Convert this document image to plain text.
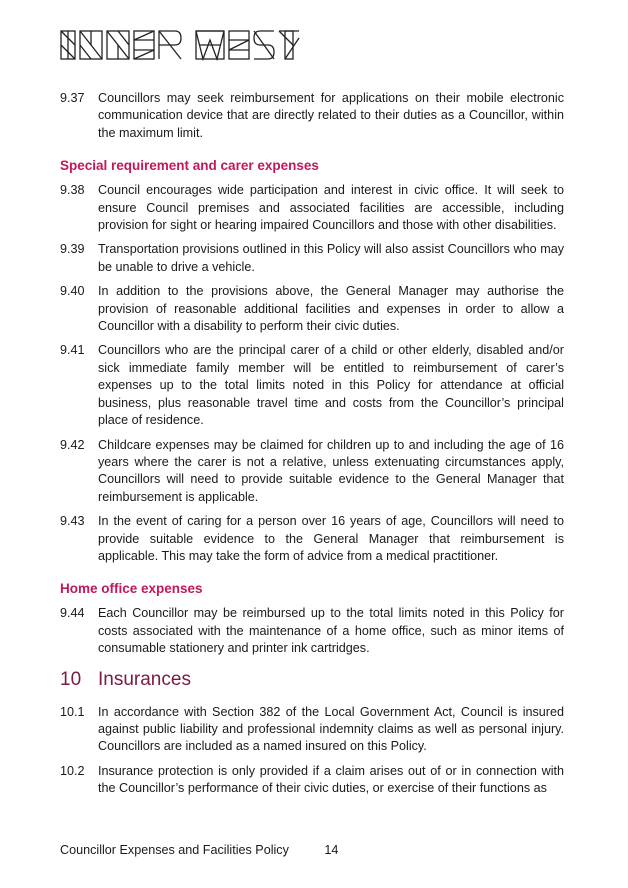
9.37	Councillors may seek reimbursement for applications on their mobile electronic communication device that are directly related to their duties as a Councillor, within the maximum limit.
Special requirement and carer expenses
9.38	Council encourages wide participation and interest in civic office. It will seek to ensure Council premises and associated facilities are accessible, including provision for sight or hearing impaired Councillors and those with other disabilities.
9.39	Transportation provisions outlined in this Policy will also assist Councillors who may be unable to drive a vehicle.
9.40	In addition to the provisions above, the General Manager may authorise the provision of reasonable additional facilities and expenses in order to allow a Councillor with a disability to perform their civic duties.
9.41	Councillors who are the principal carer of a child or other elderly, disabled and/or sick immediate family member will be entitled to reimbursement of carer’s expenses up to the total limits noted in this Policy for attendance at official business, plus reasonable travel time and costs from the Councillor’s principal place of residence.
9.42	Childcare expenses may be claimed for children up to and including the age of 16 years where the carer is not a relative, unless extenuating circumstances apply, Councillors will need to provide suitable evidence to the General Manager that reimbursement is applicable.
9.43	In the event of caring for a person over 16 years of age, Councillors will need to provide suitable evidence to the General Manager that reimbursement is applicable. This may take the form of advice from a medical practitioner.
Home office expenses
9.44	Each Councillor may be reimbursed up to the total limits noted in this Policy for costs associated with the maintenance of a home office, such as minor items of consumable stationery and printer ink cartridges.
10 Insurances
10.1	In accordance with Section 382 of the Local Government Act, Council is insured against public liability and professional indemnity claims as well as personal injury. Councillors are included as a named insured on this Policy.
10.2	Insurance protection is only provided if a claim arises out of or in connection with the Councillor’s performance of their civic duties, or exercise of their functions as
Councillor Expenses and Facilities Policy	14
